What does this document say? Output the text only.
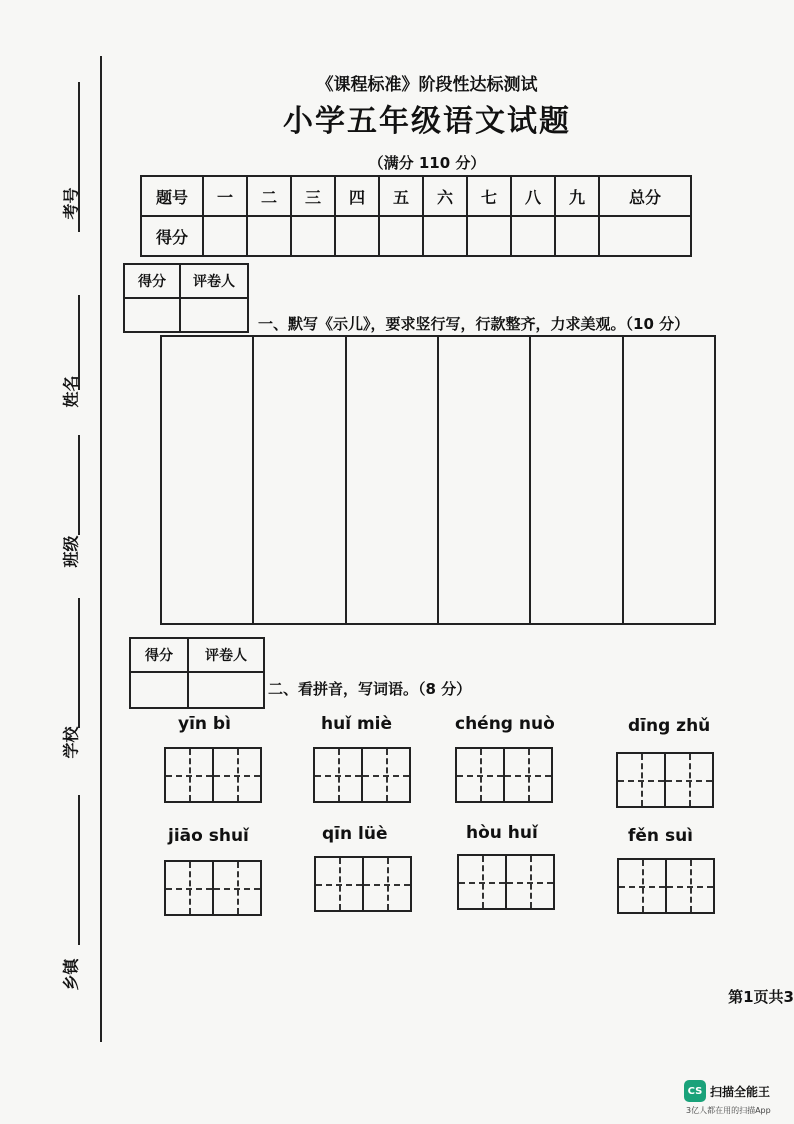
考号
姓名
班级
学校
乡镇
《课程标准》阶段性达标测试
小学五年级语文试题
（满分 110 分）
题号	一	二	三	四	五	六	七	八	九	总分
得分										
得分	评卷人

一、默写《示儿》，要求竖行写，行款整齐，力求美观。（10 分）
得分	评卷人

二、看拼音，写词语。（8 分）
yīn bì	huǐ miè	chéng nuò	dīng zhǔ
jiāo shuǐ	qīn lüè	hòu huǐ	fěn suì
第1页共3
CS 扫描全能王
3亿人都在用的扫描App
